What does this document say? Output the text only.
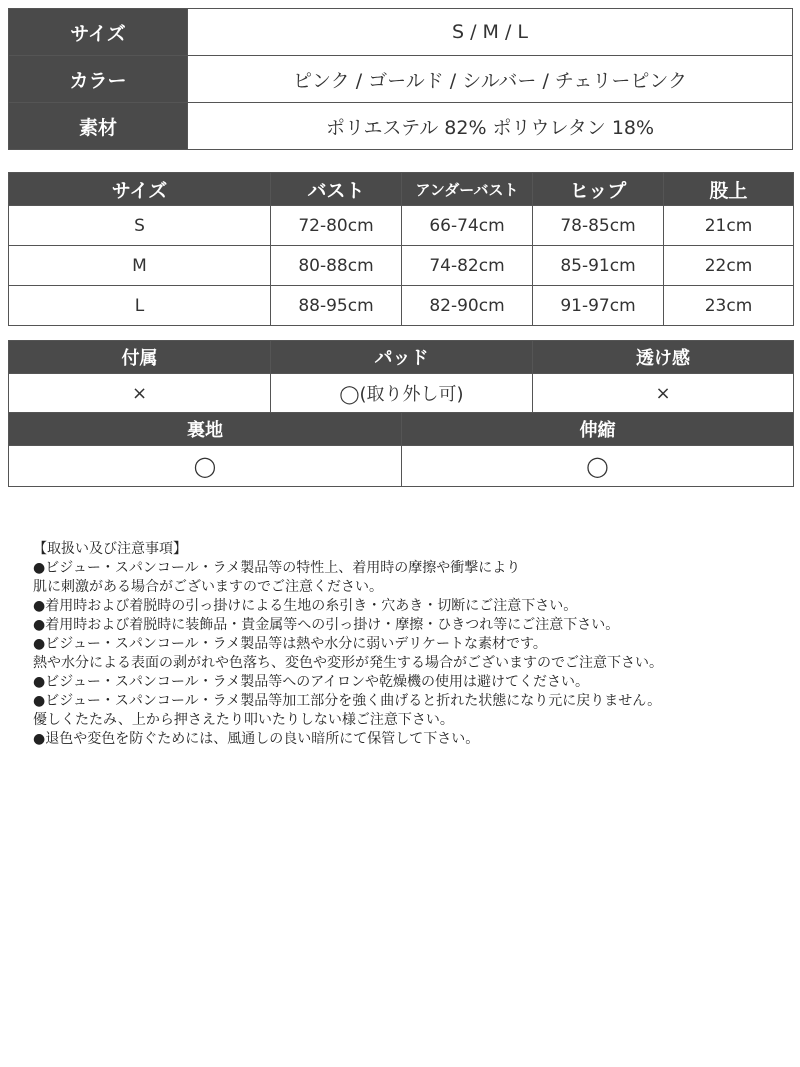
サイズ	S / M / L
カラー	ピンク / ゴールド / シルバー / チェリーピンク
素材	ポリエステル 82% ポリウレタン 18%
サイズ	バスト	アンダーバスト	ヒップ	股上
S	72-80cm	66-74cm	78-85cm	21cm
M	80-88cm	74-82cm	85-91cm	22cm
L	88-95cm	82-90cm	91-97cm	23cm
付属	パッド	透け感
×	◯(取り外し可)	×
裏地	伸縮
◯	◯
【取扱い及び注意事項】
●ビジュー・スパンコール・ラメ製品等の特性上、着用時の摩擦や衝撃により
肌に刺激がある場合がございますのでご注意ください。
●着用時および着脱時の引っ掛けによる生地の糸引き・穴あき・切断にご注意下さい。
●着用時および着脱時に装飾品・貴金属等への引っ掛け・摩擦・ひきつれ等にご注意下さい。
●ビジュー・スパンコール・ラメ製品等は熱や水分に弱いデリケートな素材です。
熱や水分による表面の剥がれや色落ち、変色や変形が発生する場合がございますのでご注意下さい。
●ビジュー・スパンコール・ラメ製品等へのアイロンや乾燥機の使用は避けてください。
●ビジュー・スパンコール・ラメ製品等加工部分を強く曲げると折れた状態になり元に戻りません。
優しくたたみ、上から押さえたり叩いたりしない様ご注意下さい。
●退色や変色を防ぐためには、風通しの良い暗所にて保管して下さい。
